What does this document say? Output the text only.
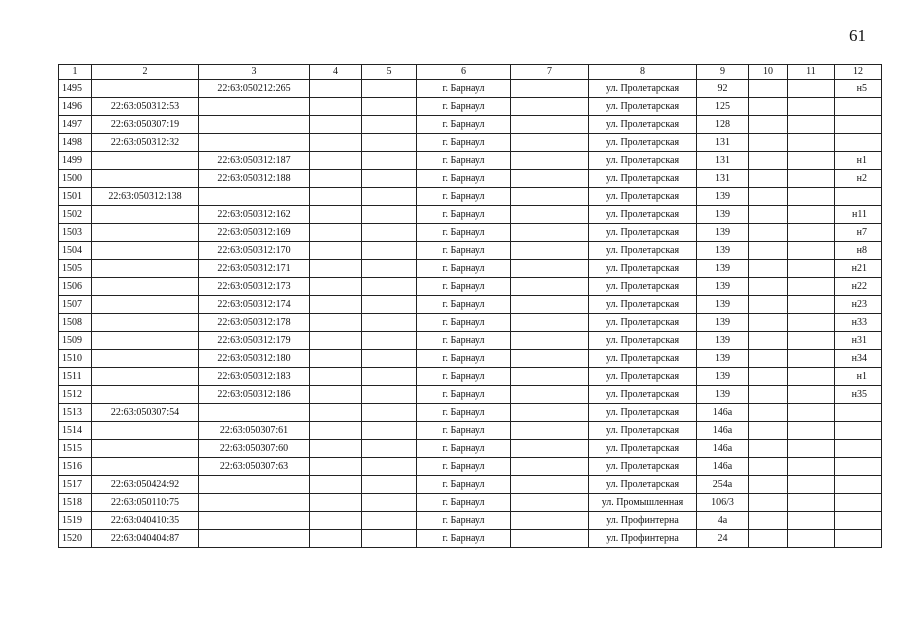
61
1	2	3	4	5	6	7	8	9	10	11	12
1495		22:63:050212:265			г. Барнаул		ул. Пролетарская	92			н5
1496	22:63:050312:53				г. Барнаул		ул. Пролетарская	125			
1497	22:63:050307:19				г. Барнаул		ул. Пролетарская	128			
1498	22:63:050312:32				г. Барнаул		ул. Пролетарская	131			
1499		22:63:050312:187			г. Барнаул		ул. Пролетарская	131			н1
1500		22:63:050312:188			г. Барнаул		ул. Пролетарская	131			н2
1501	22:63:050312:138				г. Барнаул		ул. Пролетарская	139			
1502		22:63:050312:162			г. Барнаул		ул. Пролетарская	139			н11
1503		22:63:050312:169			г. Барнаул		ул. Пролетарская	139			н7
1504		22:63:050312:170			г. Барнаул		ул. Пролетарская	139			н8
1505		22:63:050312:171			г. Барнаул		ул. Пролетарская	139			н21
1506		22:63:050312:173			г. Барнаул		ул. Пролетарская	139			н22
1507		22:63:050312:174			г. Барнаул		ул. Пролетарская	139			н23
1508		22:63:050312:178			г. Барнаул		ул. Пролетарская	139			н33
1509		22:63:050312:179			г. Барнаул		ул. Пролетарская	139			н31
1510		22:63:050312:180			г. Барнаул		ул. Пролетарская	139			н34
1511		22:63:050312:183			г. Барнаул		ул. Пролетарская	139			н1
1512		22:63:050312:186			г. Барнаул		ул. Пролетарская	139			н35
1513	22:63:050307:54				г. Барнаул		ул. Пролетарская	146а			
1514		22:63:050307:61			г. Барнаул		ул. Пролетарская	146а			
1515		22:63:050307:60			г. Барнаул		ул. Пролетарская	146а			
1516		22:63:050307:63			г. Барнаул		ул. Пролетарская	146а			
1517	22:63:050424:92				г. Барнаул		ул. Пролетарская	254а			
1518	22:63:050110:75				г. Барнаул		ул. Промышленная	106/3			
1519	22:63:040410:35				г. Барнаул		ул. Профинтерна	4а			
1520	22:63:040404:87				г. Барнаул		ул. Профинтерна	24			
